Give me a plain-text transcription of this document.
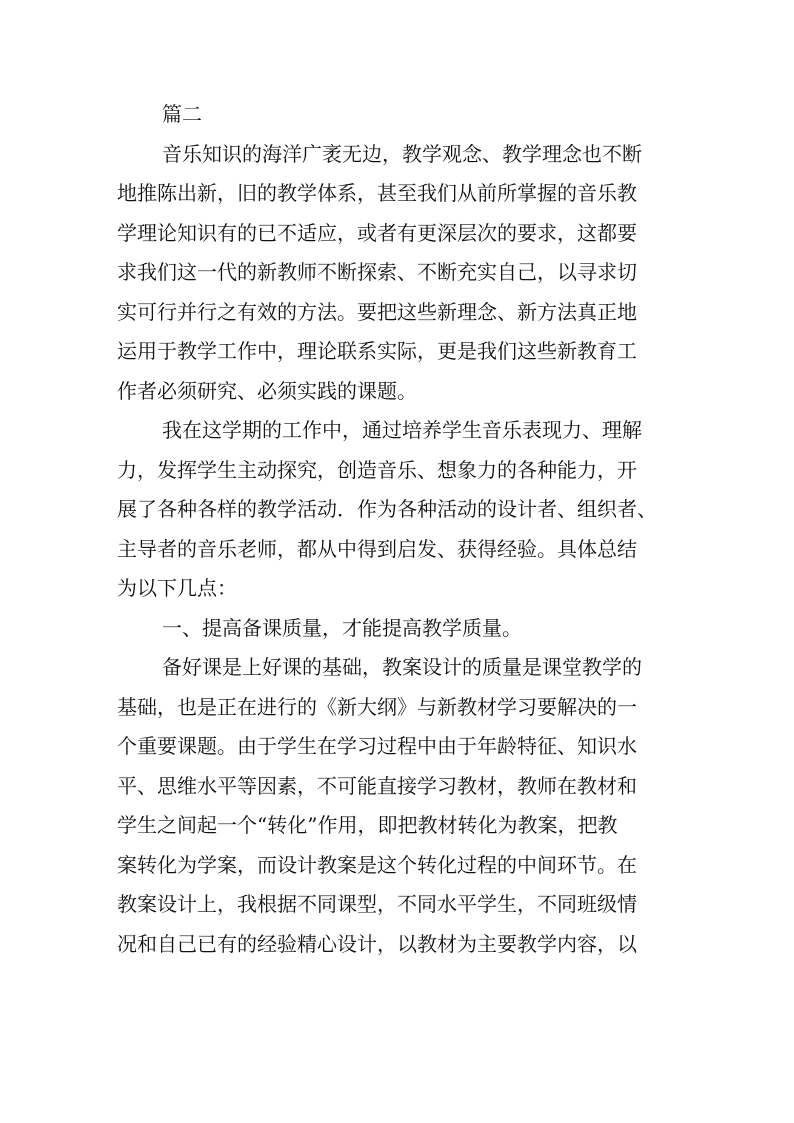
篇二
音乐知识的海洋广袤无边，教学观念、教学理念也不断
地推陈出新，旧的教学体系，甚至我们从前所掌握的音乐教
学理论知识有的已不适应，或者有更深层次的要求，这都要
求我们这一代的新教师不断探索、不断充实自己，以寻求切
实可行并行之有效的方法。要把这些新理念、新方法真正地
运用于教学工作中，理论联系实际，更是我们这些新教育工
作者必须研究、必须实践的课题。
我在这学期的工作中，通过培养学生音乐表现力、理解
力，发挥学生主动探究，创造音乐、想象力的各种能力，开
展了各种各样的教学活动．作为各种活动的设计者、组织者、
主导者的音乐老师，都从中得到启发、获得经验。具体总结
为以下几点：
一、提高备课质量，才能提高教学质量。
备好课是上好课的基础，教案设计的质量是课堂教学的
基础，也是正在进行的《新大纲》与新教材学习要解决的一
个重要课题。由于学生在学习过程中由于年龄特征、知识水
平、思维水平等因素，不可能直接学习教材，教师在教材和
学生之间起一个“转化”作用，即把教材转化为教案，把教
案转化为学案，而设计教案是这个转化过程的中间环节。在
教案设计上，我根据不同课型，不同水平学生，不同班级情
况和自己已有的经验精心设计，以教材为主要教学内容，以
